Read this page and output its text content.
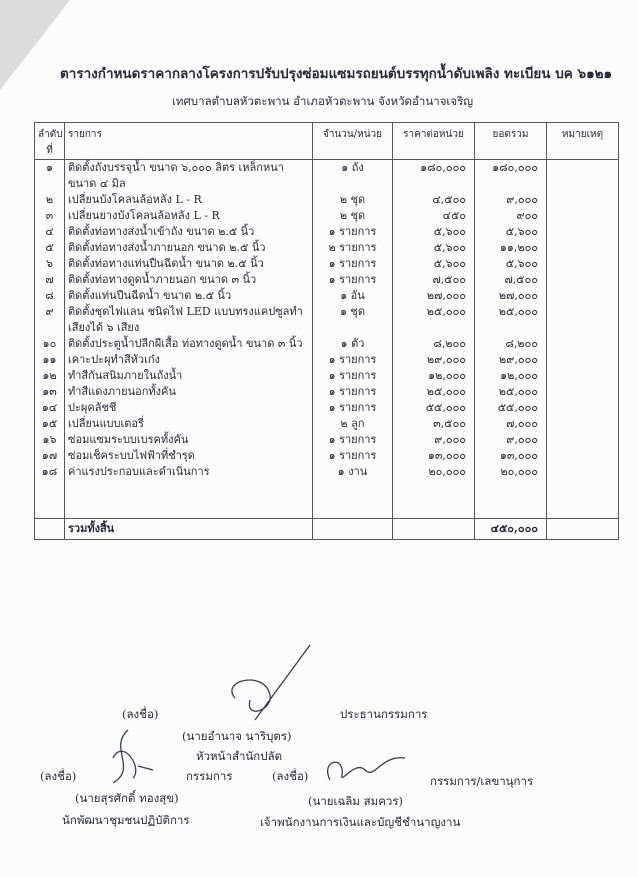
ตารางกำหนดราคากลางโครงการปรับปรุงซ่อมแซมรถยนต์บรรทุกน้ำดับเพลิง ทะเบียน บค ๖๑๒๑
เทศบาลตำบลหัวตะพาน อำเภอหัวตะพาน จังหวัดอำนาจเจริญ
ลำดับ ที่	รายการ	จำนวน/หน่วย	ราคาต่อหน่วย	ยอดรวม	หมายเหตุ
๑	ติดตั้งถังบรรจุน้ำ ขนาด ๖,๐๐๐ ลิตร เหล็กหนา	๑ ถัง	๑๘๐,๐๐๐	๑๘๐,๐๐๐	
	ขนาด ๔ มิล				
๒	เปลี่ยนบังโคลนล้อหลัง L - R	๒ ชุด	๔,๕๐๐	๙,๐๐๐	
๓	เปลี่ยนยางบังโคลนล้อหลัง L - R	๒ ชุด	๔๕๐	๙๐๐	
๔	ติดตั้งท่อทางส่งน้ำเข้าถัง ขนาด ๒.๕ นิ้ว	๑ รายการ	๕,๖๐๐	๕,๖๐๐	
๕	ติดตั้งท่อทางส่งน้ำภายนอก ขนาด ๒.๕ นิ้ว	๒ รายการ	๕,๖๐๐	๑๑,๒๐๐	
๖	ติดตั้งท่อทางแท่นปืนฉีดน้ำ ขนาด ๒.๕ นิ้ว	๑ รายการ	๕,๖๐๐	๕,๖๐๐	
๗	ติดตั้งท่อทางดูดน้ำภายนอก ขนาด ๓ นิ้ว	๑ รายการ	๗,๕๐๐	๗,๕๐๐	
๘	ติดตั้งแท่นปืนฉีดน้ำ ขนาด ๒.๕ นิ้ว	๑ อัน	๒๗,๐๐๐	๒๗,๐๐๐	
๙	ติดตั้งชุดไฟแลน ชนิดไฟ LED แบบทรงแคปซูลทำ	๑ ชุด	๒๕,๐๐๐	๒๕,๐๐๐	
	เสียงได้ ๖ เสียง				
๑๐	ติดตั้งประตูน้ำปลีกผีเสื้อ ท่อทางดูดน้ำ ขนาด ๓ นิ้ว	๑ ตัว	๘,๒๐๐	๘,๒๐๐	
๑๑	เคาะปะผุทำสีหัวเก๋ง	๑ รายการ	๒๙,๐๐๐	๒๙,๐๐๐	
๑๒	ทำสีกันสนิมภายในถังน้ำ	๑ รายการ	๑๒,๐๐๐	๑๒,๐๐๐	
๑๓	ทำสีแดงภายนอกทั้งคัน	๑ รายการ	๒๕,๐๐๐	๒๕,๐๐๐	
๑๔	ปะผุคลัชชี	๑ รายการ	๕๕,๐๐๐	๕๕,๐๐๐	
๑๕	เปลี่ยนแบบเตอรี่	๒ ลูก	๓,๕๐๐	๗,๐๐๐	
๑๖	ซ่อมแซมระบบเบรคทั้งคัน	๑ รายการ	๙,๐๐๐	๙,๐๐๐	
๑๗	ซ่อมเช็คระบบไฟฟ้าที่ชำรุด	๑ รายการ	๑๓,๐๐๐	๑๓,๐๐๐	
๑๘	ค่าแรงประกอบและดำเนินการ	๑ งาน	๒๐,๐๐๐	๒๐,๐๐๐	

	รวมทั้งสิ้น			๔๕๐,๐๐๐	
(ลงชื่อ)	ประธานกรรมการ
(นายอำนาจ นาริบุตร)
หัวหน้าสำนักปลัด
(ลงชื่อ)	กรรมการ
(นายสุรศักดิ์ ทองสุข)
นักพัฒนาชุมชนปฏิบัติการ
(ลงชื่อ)	กรรมการ/เลขานุการ
(นายเฉลิม สมควร)
เจ้าพนักงานการเงินและบัญชีชำนาญงาน
